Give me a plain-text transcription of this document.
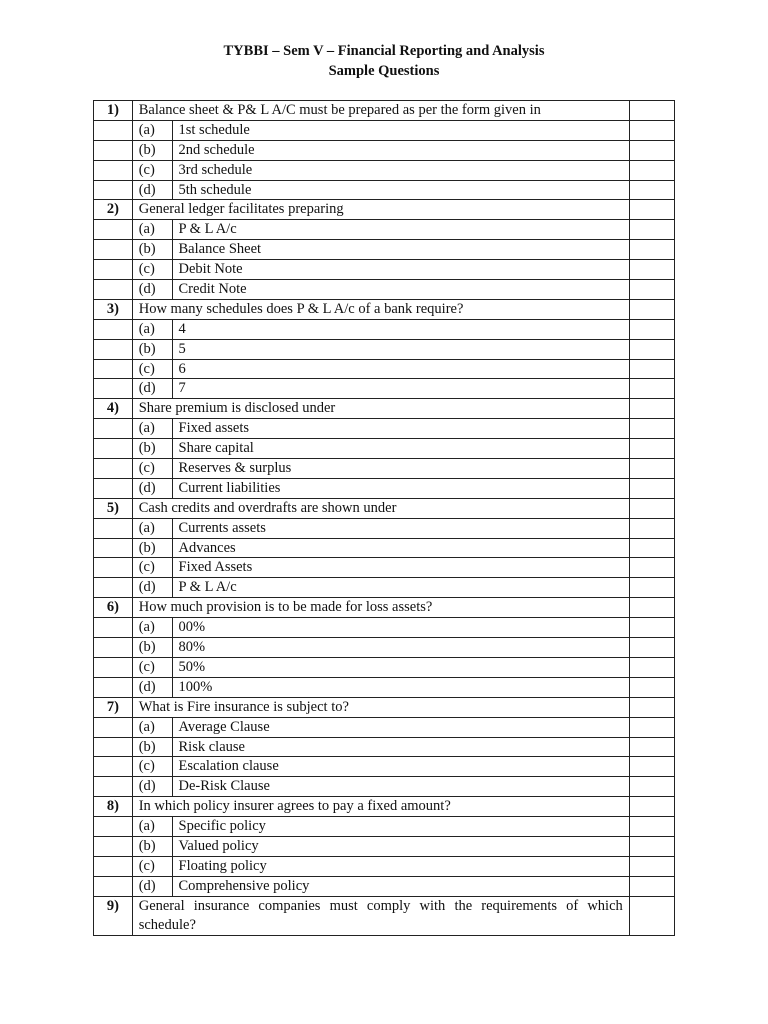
TYBBI – Sem V – Financial Reporting and Analysis
Sample Questions
1)	Balance sheet & P& L A/C must be prepared as per the form given in		
	(a)	1st schedule	
	(b)	2nd schedule	
	(c)	3rd schedule	
	(d)	5th schedule	
2)	General ledger facilitates preparing		
	(a)	P & L A/c	
	(b)	Balance Sheet	
	(c)	Debit Note	
	(d)	Credit Note	
3)	How many schedules does P & L A/c of a bank require?		
	(a)	4	
	(b)	5	
	(c)	6	
	(d)	7	
4)	Share premium is disclosed under		
	(a)	Fixed assets	
	(b)	Share capital	
	(c)	Reserves & surplus	
	(d)	Current liabilities	
5)	Cash credits and overdrafts are shown under		
	(a)	Currents assets	
	(b)	Advances	
	(c)	Fixed Assets	
	(d)	P & L A/c	
6)	How much provision is to be made for loss assets?		
	(a)	00%	
	(b)	80%	
	(c)	50%	
	(d)	100%	
7)	What is Fire insurance is subject to?		
	(a)	Average Clause	
	(b)	Risk clause	
	(c)	Escalation clause	
	(d)	De-Risk Clause	
8)	In which policy insurer agrees to pay a fixed amount?		
	(a)	Specific policy	
	(b)	Valued policy	
	(c)	Floating policy	
	(d)	Comprehensive policy	
9)	General insurance companies must comply with the requirements of which schedule?		
